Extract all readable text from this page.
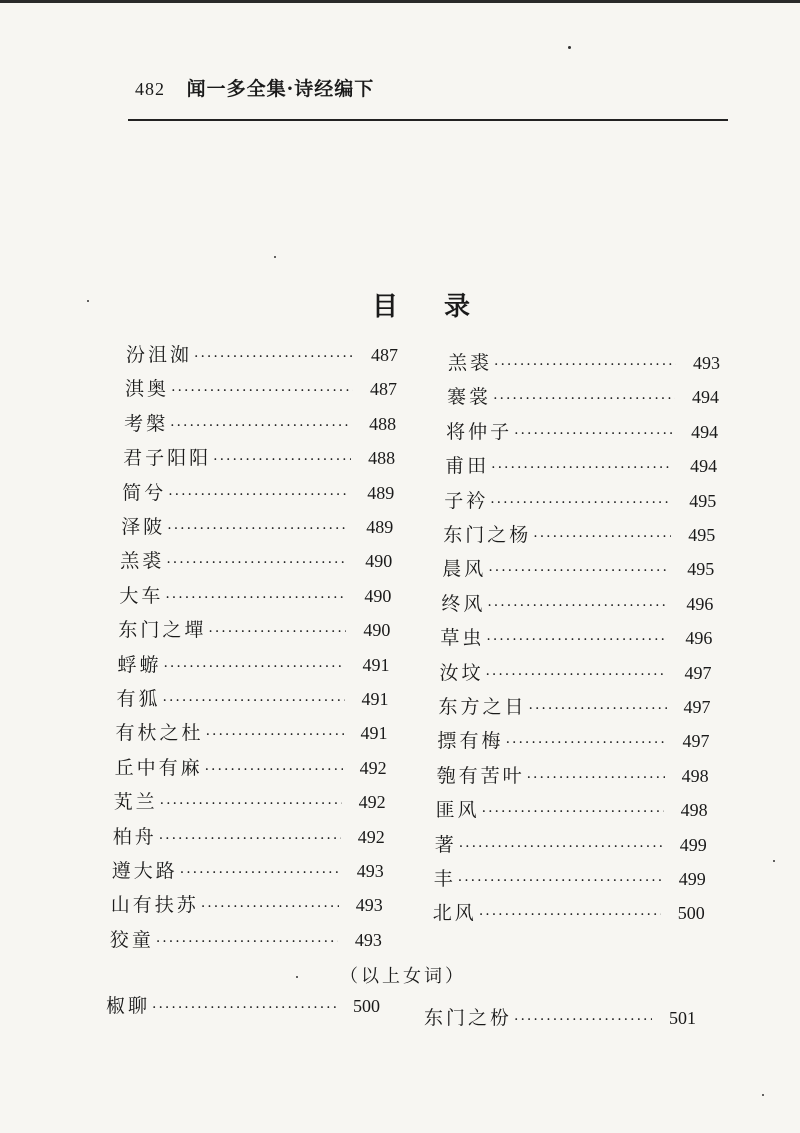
482 闻一多全集·诗经编下
目录
汾沮洳 ·····	487
淇奥 ·····	487
考槃 ·····	488
君子阳阳 ·····	488
简兮 ·····	489
泽陂 ·····	489
羔裘 ·····	490
大车 ·····	490
东门之墠 ·····	490
蜉蝣 ·····	491
有狐 ·····	491
有杕之杜 ·····	491
丘中有麻 ·····	492
芄兰 ·····	492
柏舟 ·····	492
遵大路 ·····	493
山有扶苏 ·····	493
狡童 ·····	493
羔裘 ·····	493
褰裳 ·····	494
将仲子 ·····	494
甫田 ·····	494
子衿 ·····	495
东门之杨 ·····	495
晨风 ·····	495
终风 ·····	496
草虫 ·····	496
汝坟 ·····	497
东方之日 ·····	497
摽有梅 ·····	497
匏有苦叶 ·····	498
匪风 ·····	498
著 ·····	499
丰 ·····	499
北风 ·····	500
（以上女词）
椒聊 ·····	500
东门之枌 ·····	501
